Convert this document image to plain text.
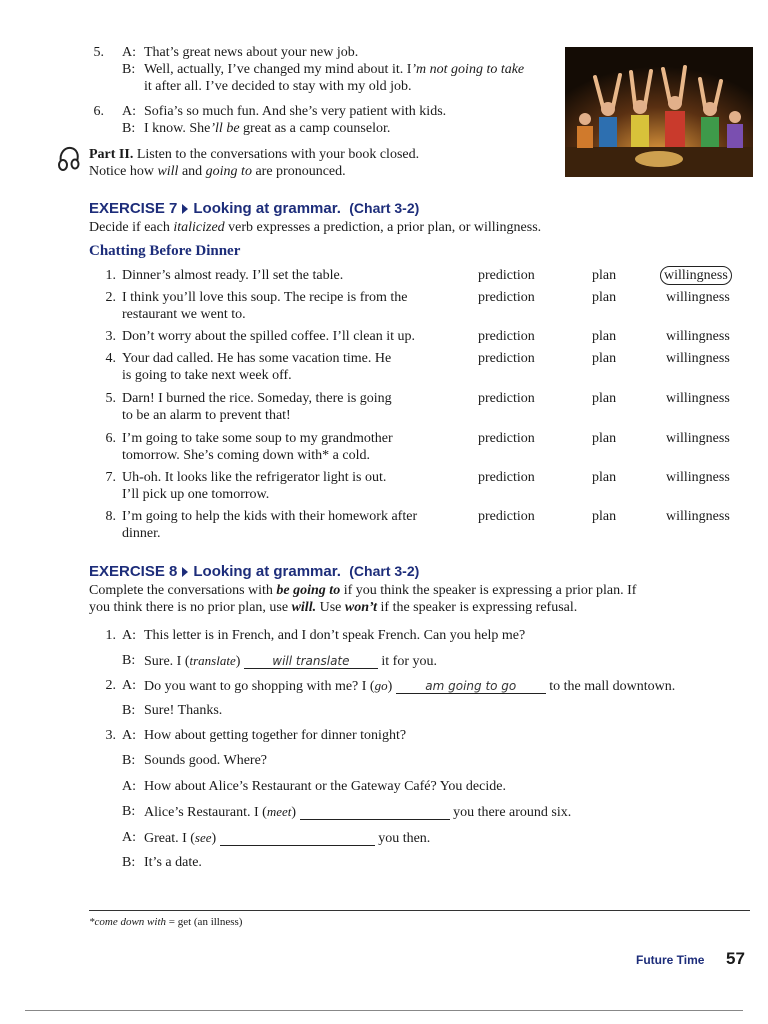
5. A: That’s great news about your new job.
B: Well, actually, I’ve changed my mind about it. I’m not going to take
it after all. I’ve decided to stay with my old job.
6. A: Sofia’s so much fun. And she’s very patient with kids.
B: I know. She’ll be great as a camp counselor.
Part II. Listen to the conversations with your book closed.
Notice how will and going to are pronounced.
EXERCISE 7 Looking at grammar. (Chart 3-2)
Decide if each italicized verb expresses a prediction, a prior plan, or willingness.
Chatting Before Dinner
1. Dinner’s almost ready. I’ll set the table.	prediction	plan	willingness
2. I think you’ll love this soup. The recipe is from the
restaurant we went to.
prediction	plan	willingness
3. Don’t worry about the spilled coffee. I’ll clean it up.	prediction	plan	willingness
4. Your dad called. He has some vacation time. He
is going to take next week off.
prediction	plan	willingness
5. Darn! I burned the rice. Someday, there is going
to be an alarm to prevent that!
prediction	plan	willingness
6. I’m going to take some soup to my grandmother
tomorrow. She’s coming down with* a cold.
prediction	plan	willingness
7. Uh-oh. It looks like the refrigerator light is out.
I’ll pick up one tomorrow.
prediction	plan	willingness
8. I’m going to help the kids with their homework after
dinner.
prediction	plan	willingness
EXERCISE 8 Looking at grammar. (Chart 3-2)
Complete the conversations with be going to if you think the speaker is expressing a prior plan. If
you think there is no prior plan, use will. Use won’t if the speaker is expressing refusal.
1. A: This letter is in French, and I don’t speak French. Can you help me?
B: Sure. I (translate)	will translate it for you.
2. A: Do you want to go shopping with me? I (go)	am going to go to the mall downtown.
B: Sure! Thanks.
3. A: How about getting together for dinner tonight?
B: Sounds good. Where?
A: How about Alice’s Restaurant or the Gateway Café? You decide.
B: Alice’s Restaurant. I (meet)	you there around six.
A: Great. I (see)	you then.
B: It’s a date.
*come down with = get (an illness)
Future Time 57
